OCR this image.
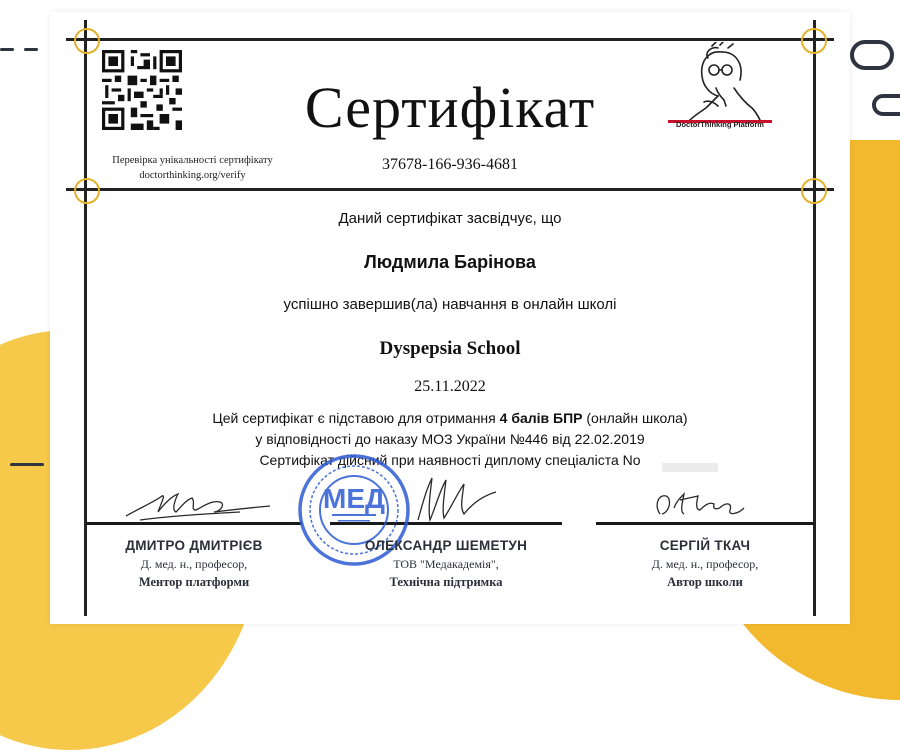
Перевірка унікальності сертифікату
doctorthinking.org/verify
Сертифікат
37678-166-936-4681
DoctorThinking Platform
Даний сертифікат засвідчує, що
Людмила Барінова
успішно завершив(ла) навчання в онлайн школі
Dyspepsia School
25.11.2022
Цей сертифікат є підставою для отримання 4 балів БПР (онлайн школа)
у відповідності до наказу МОЗ України №446 від 22.02.2019
Сертифікат дійсний при наявності диплому спеціаліста No
МЕД
ДМИТРО ДМИТРІЄВ
Д. мед. н., професор,
Ментор платформи
ОЛЕКСАНДР ШЕМЕТУН
ТОВ "Медакадемія",
Технічна підтримка
СЕРГІЙ ТКАЧ
Д. мед. н., професор,
Автор школи
